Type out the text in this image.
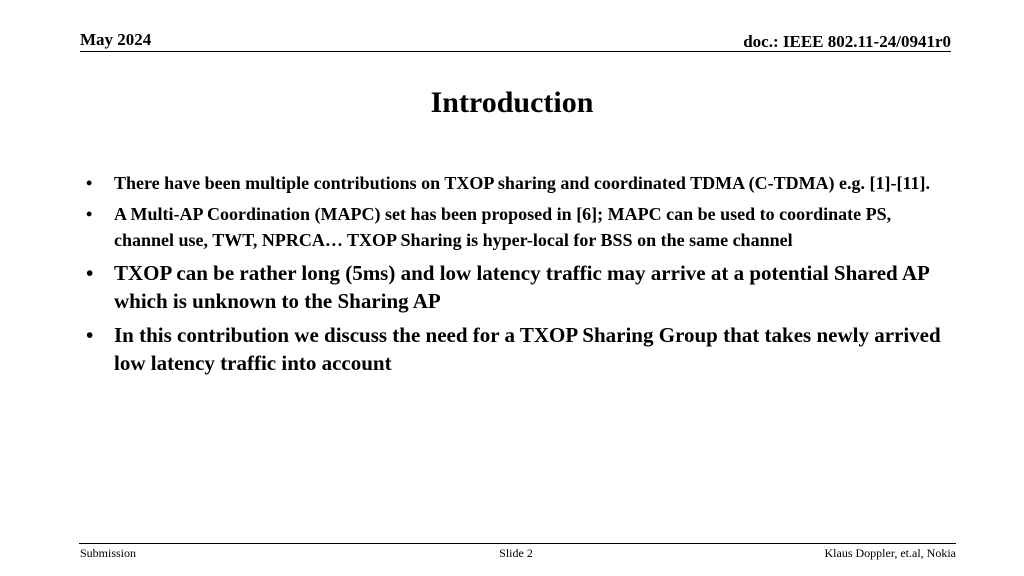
May 2024	doc.: IEEE 802.11-24/0941r0
Introduction
• There have been multiple contributions on TXOP sharing and coordinated TDMA (C-TDMA) e.g. [1]-[11].
• A Multi-AP Coordination (MAPC) set has been proposed in [6]; MAPC can be used to coordinate PS, channel use, TWT, NPRCA… TXOP Sharing is hyper-local for BSS on the same channel
• TXOP can be rather long (5ms) and low latency traffic may arrive at a potential Shared AP which is unknown to the Sharing AP
• In this contribution we discuss the need for a TXOP Sharing Group that takes newly arrived low latency traffic into account
Submission	Slide 2	Klaus Doppler, et.al, Nokia
